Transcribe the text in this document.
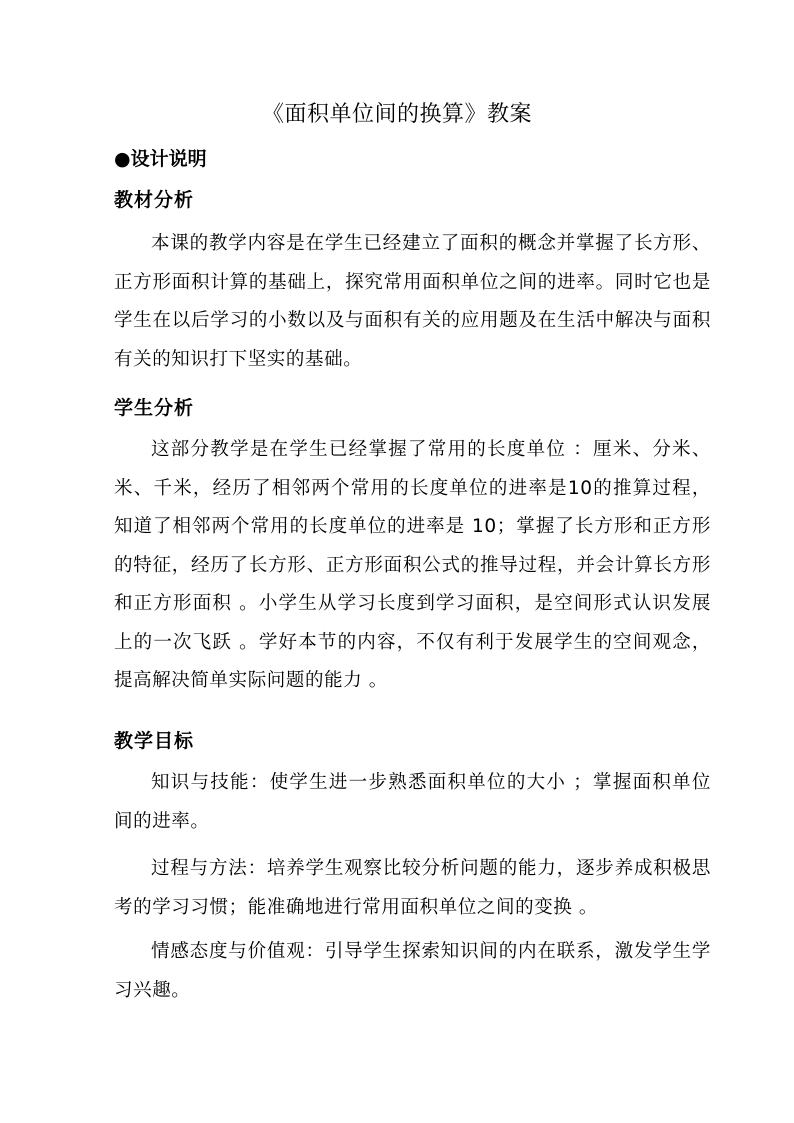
《面积单位间的换算》教案
●设计说明
教材分析

本课的教学内容是在学生已经建立了面积的概念并掌握了长方形、正方形面积计算的基础上，探究常用面积单位之间的进率。同时它也是学生在以后学习的小数以及与面积有关的应用题及在生活中解决与面积有关的知识打下坚实的基础。

学生分析

这部分教学是在学生已经掌握了常用的长度单位 ：厘米、分米、米、千米，经历了相邻两个常用的长度单位的进率是10的推算过程，知道了相邻两个常用的长度单位的进率是 10；掌握了长方形和正方形的特征，经历了长方形、正方形面积公式的推导过程，并会计算长方形和正方形面积 。小学生从学习长度到学习面积，是空间形式认识发展上的一次飞跃 。学好本节的内容，不仅有利于发展学生的空间观念，提高解决简单实际问题的能力 。

教学目标

知识与技能：使学生进一步熟悉面积单位的大小 ；掌握面积单位间的进率。

过程与方法：培养学生观察比较分析问题的能力，逐步养成积极思考的学习习惯；能准确地进行常用面积单位之间的变换 。

情感态度与价值观：引导学生探索知识间的内在联系，激发学生学习兴趣。
